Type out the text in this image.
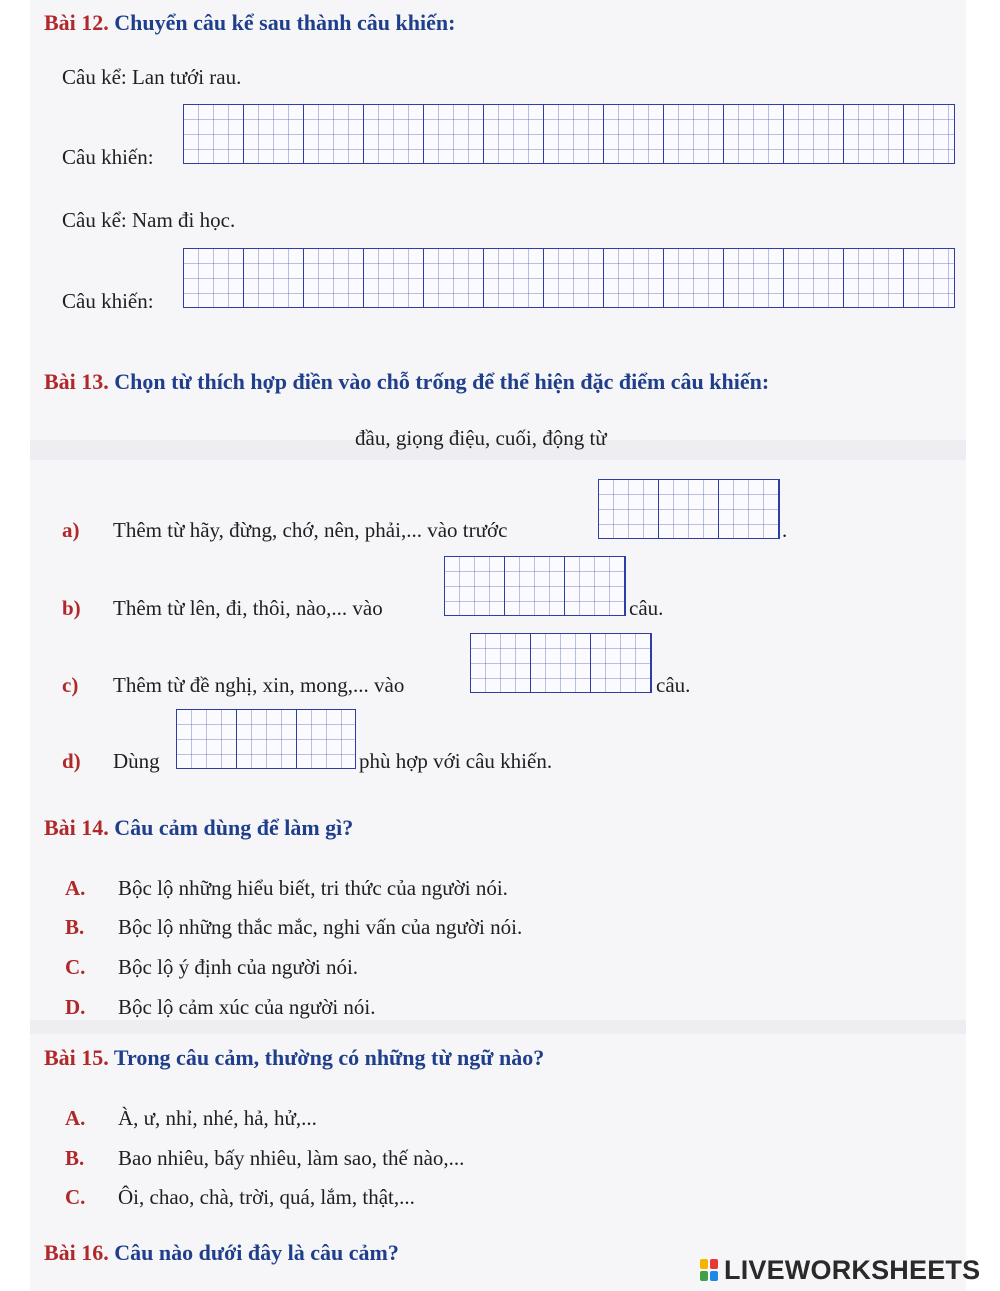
Bài 12. Chuyển câu kể sau thành câu khiến:
Câu kể: Lan tưới rau.
Câu khiến:
Câu kể: Nam đi học.
Câu khiến:
Bài 13. Chọn từ thích hợp điền vào chỗ trống để thể hiện đặc điểm câu khiến:
đầu, giọng điệu, cuối, động từ
a) Thêm từ hãy, đừng, chớ, nên, phải,... vào trước	.
b) Thêm từ lên, đi, thôi, nào,... vào	câu.
c) Thêm từ đề nghị, xin, mong,... vào	câu.
d) Dùng	phù hợp với câu khiến.
Bài 14. Câu cảm dùng để làm gì?
A. Bộc lộ những hiểu biết, tri thức của người nói.
B. Bộc lộ những thắc mắc, nghi vấn của người nói.
C. Bộc lộ ý định của người nói.
D. Bộc lộ cảm xúc của người nói.
Bài 15. Trong câu cảm, thường có những từ ngữ nào?
A. À, ư, nhỉ, nhé, hả, hử,...
B. Bao nhiêu, bấy nhiêu, làm sao, thế nào,...
C. Ôi, chao, chà, trời, quá, lắm, thật,...
Bài 16. Câu nào dưới đây là câu cảm?
LIVEWORKSHEETS
